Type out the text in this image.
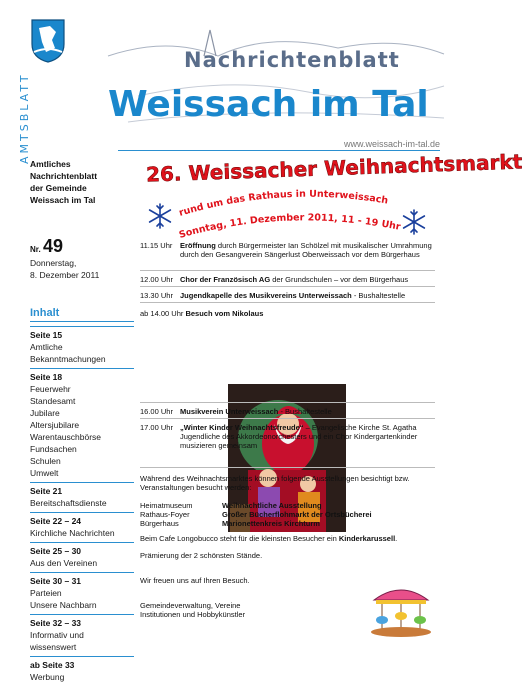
AMTSBLATT
Nachrichtenblatt
Weissach im Tal
www.weissach-im-tal.de
Amtliches
Nachrichtenblatt
der Gemeinde
Weissach im Tal
Nr. 49
Donnerstag,
8. Dezember 2011
Inhalt
Seite 15
Amtliche
Bekanntmachungen
Seite 18
Feuerwehr
Standesamt
Jubilare
Altersjubilare
Warentauschbörse
Fundsachen
Schulen
Umwelt
Seite 21
Bereitschaftsdienste
Seite 22 – 24
Kirchliche Nachrichten
Seite 25 – 30
Aus den Vereinen
Seite 30 – 31
Parteien
Unsere Nachbarn
Seite 32 – 33
Informativ und
wissenswert
ab Seite 33
Werbung
26. Weissacher Weihnachtsmarkt
rund um das Rathaus in Unterweissach
Sonntag, 11. Dezember 2011, 11 - 19 Uhr
11.15 Uhr	Eröffnung durch Bürgermeister Ian Schölzel mit musikalischer Umrahmung durch den Gesangverein Sängerlust Oberweissach vor dem Bürgerhaus
12.00 Uhr Chor der Französisch AG der Grundschulen – vor dem Bürgerhaus
13.30 Uhr Jugendkapelle des Musikvereins Unterweissach - Bushaltestelle
ab 14.00 Uhr Besuch vom Nikolaus
16.00 Uhr Musikverein Unterweissach - Bushaltestelle
17.00 Uhr „Winter Kinder Weihnachtsfreude“ – Evangelische Kirche St. Agatha Jugendliche des Akkordeonorchesters und ein Chor Kindergartenkinder musizieren gemeinsam
Während des Weihnachtsmarktes können folgende Ausstellungen besichtigt bzw. Veranstaltungen besucht werden:
Heimatmuseum	Weihnachtliche Ausstellung
Rathaus-Foyer	Großer Bücherflohmarkt der Ortsbücherei
Bürgerhaus	Marionettenkreis Kirchturm
Beim Cafe Longobucco steht für die kleinsten Besucher ein Kinderkarussell.
Prämierung der 2 schönsten Stände.
Wir freuen uns auf Ihren Besuch.
Gemeindeverwaltung, Vereine
Institutionen und Hobbykünstler
